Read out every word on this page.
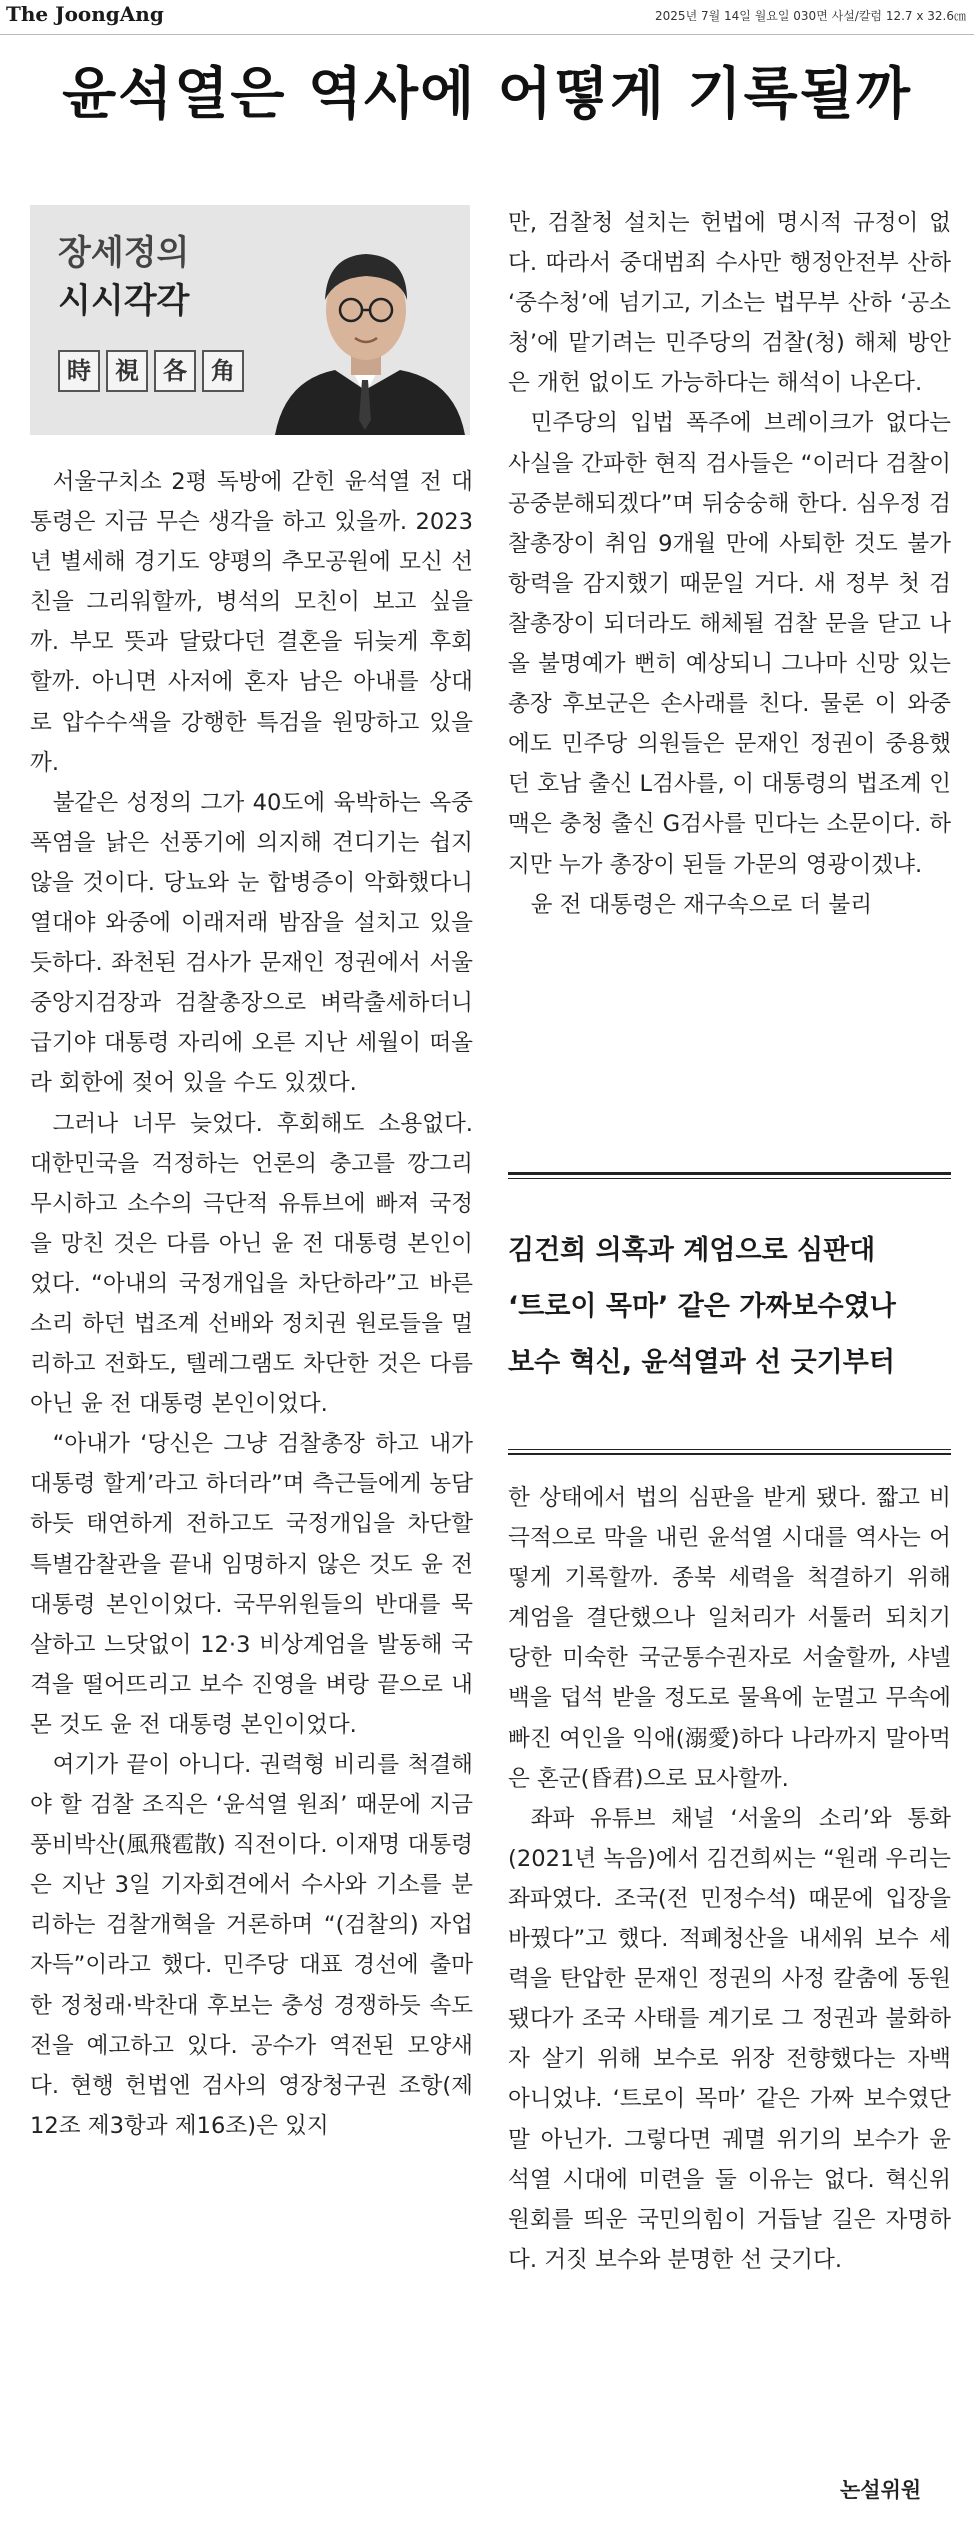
The JoongAng	2025년 7월 14일 월요일 030면 사설/칼럼 12.7 x 32.6㎝
윤석열은 역사에 어떻게 기록될까
장세정의
시시각각
時	視	各	角

서울구치소 2평 독방에 갇힌 윤석열 전 대통령은 지금 무슨 생각을 하고 있을까. 2023년 별세해 경기도 양평의 추모공원에 모신 선친을 그리워할까, 병석의 모친이 보고 싶을까. 부모 뜻과 달랐다던 결혼을 뒤늦게 후회할까. 아니면 사저에 혼자 남은 아내를 상대로 압수수색을 강행한 특검을 원망하고 있을까.

불같은 성정의 그가 40도에 육박하는 옥중 폭염을 낡은 선풍기에 의지해 견디기는 쉽지 않을 것이다. 당뇨와 눈 합병증이 악화했다니 열대야 와중에 이래저래 밤잠을 설치고 있을 듯하다. 좌천된 검사가 문재인 정권에서 서울중앙지검장과 검찰총장으로 벼락출세하더니 급기야 대통령 자리에 오른 지난 세월이 떠올라 회한에 젖어 있을 수도 있겠다.

그러나 너무 늦었다. 후회해도 소용없다. 대한민국을 걱정하는 언론의 충고를 깡그리 무시하고 소수의 극단적 유튜브에 빠져 국정을 망친 것은 다름 아닌 윤 전 대통령 본인이었다. “아내의 국정개입을 차단하라”고 바른 소리 하던 법조계 선배와 정치권 원로들을 멀리하고 전화도, 텔레그램도 차단한 것은 다름 아닌 윤 전 대통령 본인이었다.

“아내가 ‘당신은 그냥 검찰총장 하고 내가 대통령 할게’라고 하더라”며 측근들에게 농담하듯 태연하게 전하고도 국정개입을 차단할 특별감찰관을 끝내 임명하지 않은 것도 윤 전 대통령 본인이었다. 국무위원들의 반대를 묵살하고 느닷없이 12·3 비상계엄을 발동해 국격을 떨어뜨리고 보수 진영을 벼랑 끝으로 내몬 것도 윤 전 대통령 본인이었다.

여기가 끝이 아니다. 권력형 비리를 척결해야 할 검찰 조직은 ‘윤석열 원죄’ 때문에 지금 풍비박산(風飛雹散) 직전이다. 이재명 대통령은 지난 3일 기자회견에서 수사와 기소를 분리하는 검찰개혁을 거론하며 “(검찰의) 자업자득”이라고 했다. 민주당 대표 경선에 출마한 정청래·박찬대 후보는 충성 경쟁하듯 속도전을 예고하고 있다. 공수가 역전된 모양새다. 현행 헌법엔 검사의 영장청구권 조항(제12조 제3항과 제16조)은 있지

만, 검찰청 설치는 헌법에 명시적 규정이 없다. 따라서 중대범죄 수사만 행정안전부 산하 ‘중수청’에 넘기고, 기소는 법무부 산하 ‘공소청’에 맡기려는 민주당의 검찰(청) 해체 방안은 개헌 없이도 가능하다는 해석이 나온다.

민주당의 입법 폭주에 브레이크가 없다는 사실을 간파한 현직 검사들은 “이러다 검찰이 공중분해되겠다”며 뒤숭숭해 한다. 심우정 검찰총장이 취임 9개월 만에 사퇴한 것도 불가항력을 감지했기 때문일 거다. 새 정부 첫 검찰총장이 되더라도 해체될 검찰 문을 닫고 나올 불명예가 뻔히 예상되니 그나마 신망 있는 총장 후보군은 손사래를 친다. 물론 이 와중에도 민주당 의원들은 문재인 정권이 중용했던 호남 출신 L검사를, 이 대통령의 법조계 인맥은 충청 출신 G검사를 민다는 소문이다. 하지만 누가 총장이 된들 가문의 영광이겠냐.

윤 전 대통령은 재구속으로 더 불리

김건희 의혹과 계엄으로 심판대
‘트로이 목마’ 같은 가짜보수였나
보수 혁신, 윤석열과 선 긋기부터

한 상태에서 법의 심판을 받게 됐다. 짧고 비극적으로 막을 내린 윤석열 시대를 역사는 어떻게 기록할까. 종북 세력을 척결하기 위해 계엄을 결단했으나 일처리가 서툴러 되치기당한 미숙한 국군통수권자로 서술할까, 샤넬백을 덥석 받을 정도로 물욕에 눈멀고 무속에 빠진 여인을 익애(溺愛)하다 나라까지 말아먹은 혼군(昏君)으로 묘사할까.

좌파 유튜브 채널 ‘서울의 소리’와 통화(2021년 녹음)에서 김건희씨는 “원래 우리는 좌파였다. 조국(전 민정수석) 때문에 입장을 바꿨다”고 했다. 적폐청산을 내세워 보수 세력을 탄압한 문재인 정권의 사정 칼춤에 동원됐다가 조국 사태를 계기로 그 정권과 불화하자 살기 위해 보수로 위장 전향했다는 자백 아니었냐. ‘트로이 목마’ 같은 가짜 보수였단 말 아닌가. 그렇다면 궤멸 위기의 보수가 윤석열 시대에 미련을 둘 이유는 없다. 혁신위원회를 띄운 국민의힘이 거듭날 길은 자명하다. 거짓 보수와 분명한 선 긋기다.

논설위원
